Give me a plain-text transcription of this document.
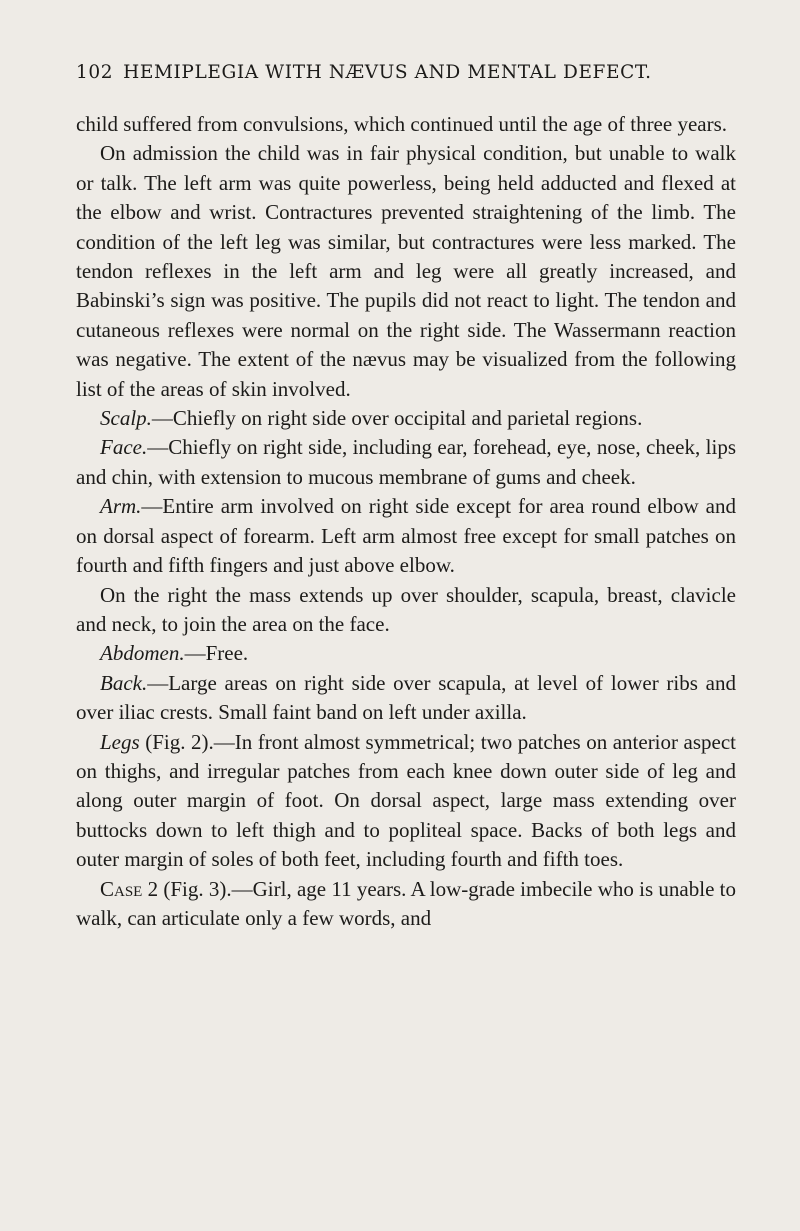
102 HEMIPLEGIA WITH NÆVUS AND MENTAL DEFECT.

child suffered from convulsions, which continued until the age of three years.

On admission the child was in fair physical condition, but unable to walk or talk. The left arm was quite powerless, being held adducted and flexed at the elbow and wrist. Contractures prevented straightening of the limb. The condition of the left leg was similar, but contractures were less marked. The tendon reflexes in the left arm and leg were all greatly increased, and Babinski’s sign was positive. The pupils did not react to light. The tendon and cutaneous reflexes were normal on the right side. The Wassermann reaction was negative. The extent of the nævus may be visualized from the following list of the areas of skin involved.

Scalp.—Chiefly on right side over occipital and parietal regions.

Face.—Chiefly on right side, including ear, forehead, eye, nose, cheek, lips and chin, with extension to mucous membrane of gums and cheek.

Arm.—Entire arm involved on right side except for area round elbow and on dorsal aspect of forearm. Left arm almost free except for small patches on fourth and fifth fingers and just above elbow.

On the right the mass extends up over shoulder, scapula, breast, clavicle and neck, to join the area on the face.

Abdomen.—Free.

Back.—Large areas on right side over scapula, at level of lower ribs and over iliac crests. Small faint band on left under axilla.

Legs (Fig. 2).—In front almost symmetrical; two patches on anterior aspect on thighs, and irregular patches from each knee down outer side of leg and along outer margin of foot. On dorsal aspect, large mass extending over buttocks down to left thigh and to popliteal space. Backs of both legs and outer margin of soles of both feet, including fourth and fifth toes.

Case 2 (Fig. 3).—Girl, age 11 years. A low-grade imbecile who is unable to walk, can articulate only a few words, and
